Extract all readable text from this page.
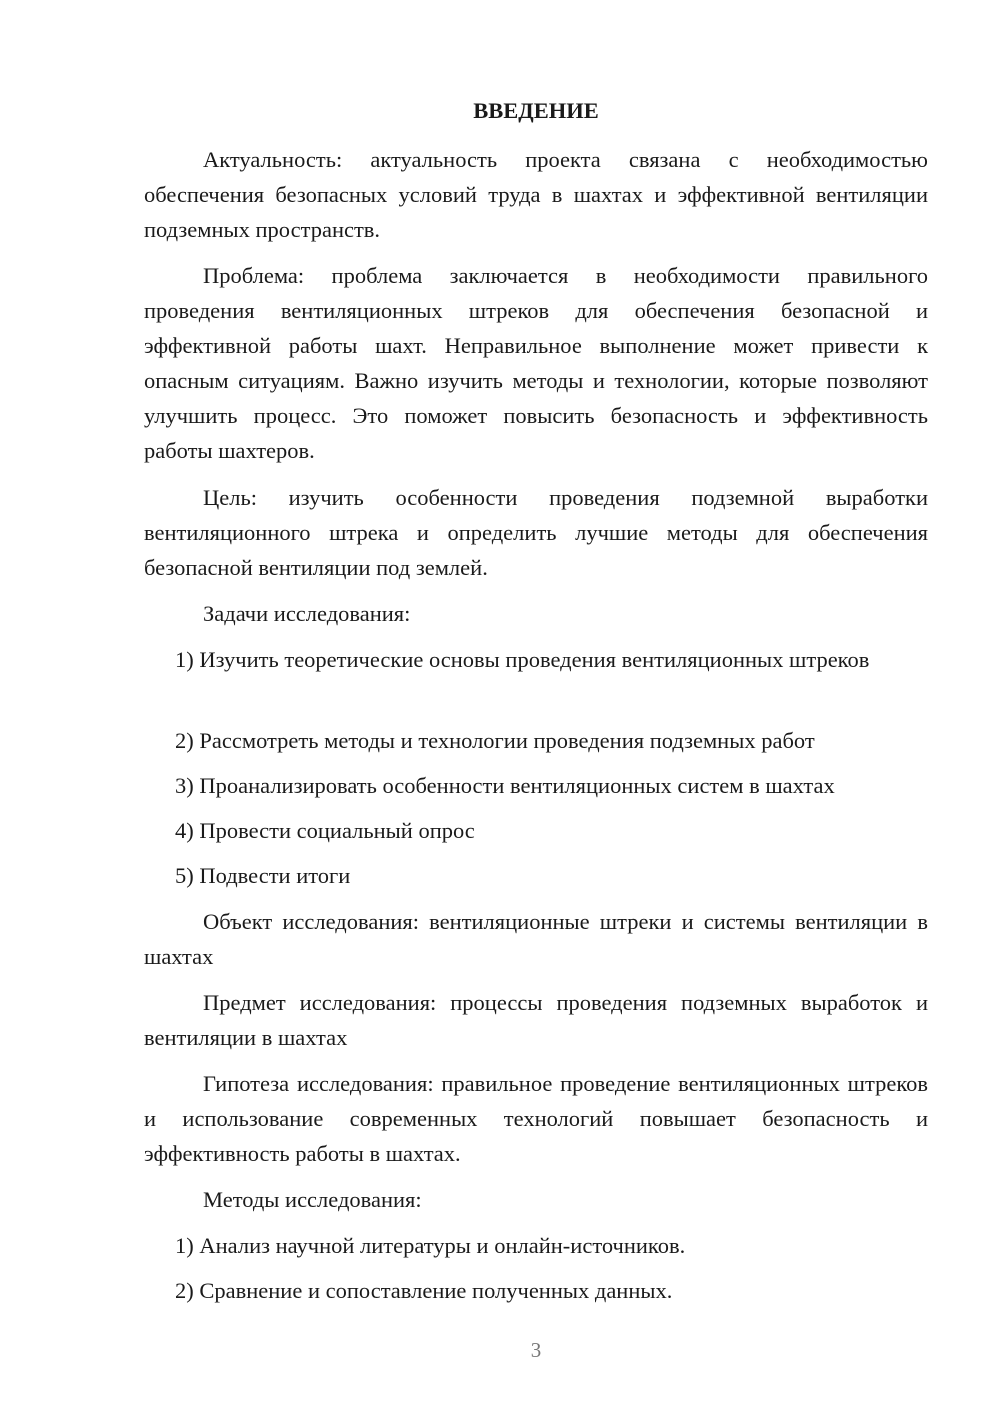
ВВЕДЕНИЕ

Актуальность: актуальность проекта связана с необходимостью обеспечения безопасных условий труда в шахтах и эффективной вентиляции подземных пространств.

Проблема: проблема заключается в необходимости правильного проведения вентиляционных штреков для обеспечения безопасной и эффективной работы шахт. Неправильное выполнение может привести к опасным ситуациям. Важно изучить методы и технологии, которые позволяют улучшить процесс. Это поможет повысить безопасность и эффективность работы шахтеров.

Цель: изучить особенности проведения подземной выработки вентиляционного штрека и определить лучшие методы для обеспечения безопасной вентиляции под землей.

Задачи исследования:

1) Изучить теоретические основы проведения вентиляционных штреков

2) Рассмотреть методы и технологии проведения подземных работ

3) Проанализировать особенности вентиляционных систем в шахтах

4) Провести социальный опрос

5) Подвести итоги

Объект исследования: вентиляционные штреки и системы вентиляции в шахтах

Предмет исследования: процессы проведения подземных выработок и вентиляции в шахтах

Гипотеза исследования: правильное проведение вентиляционных штреков и использование современных технологий повышает безопасность и эффективность работы в шахтах.

Методы исследования:

1) Анализ научной литературы и онлайн-источников.

2) Сравнение и сопоставление полученных данных.

3
